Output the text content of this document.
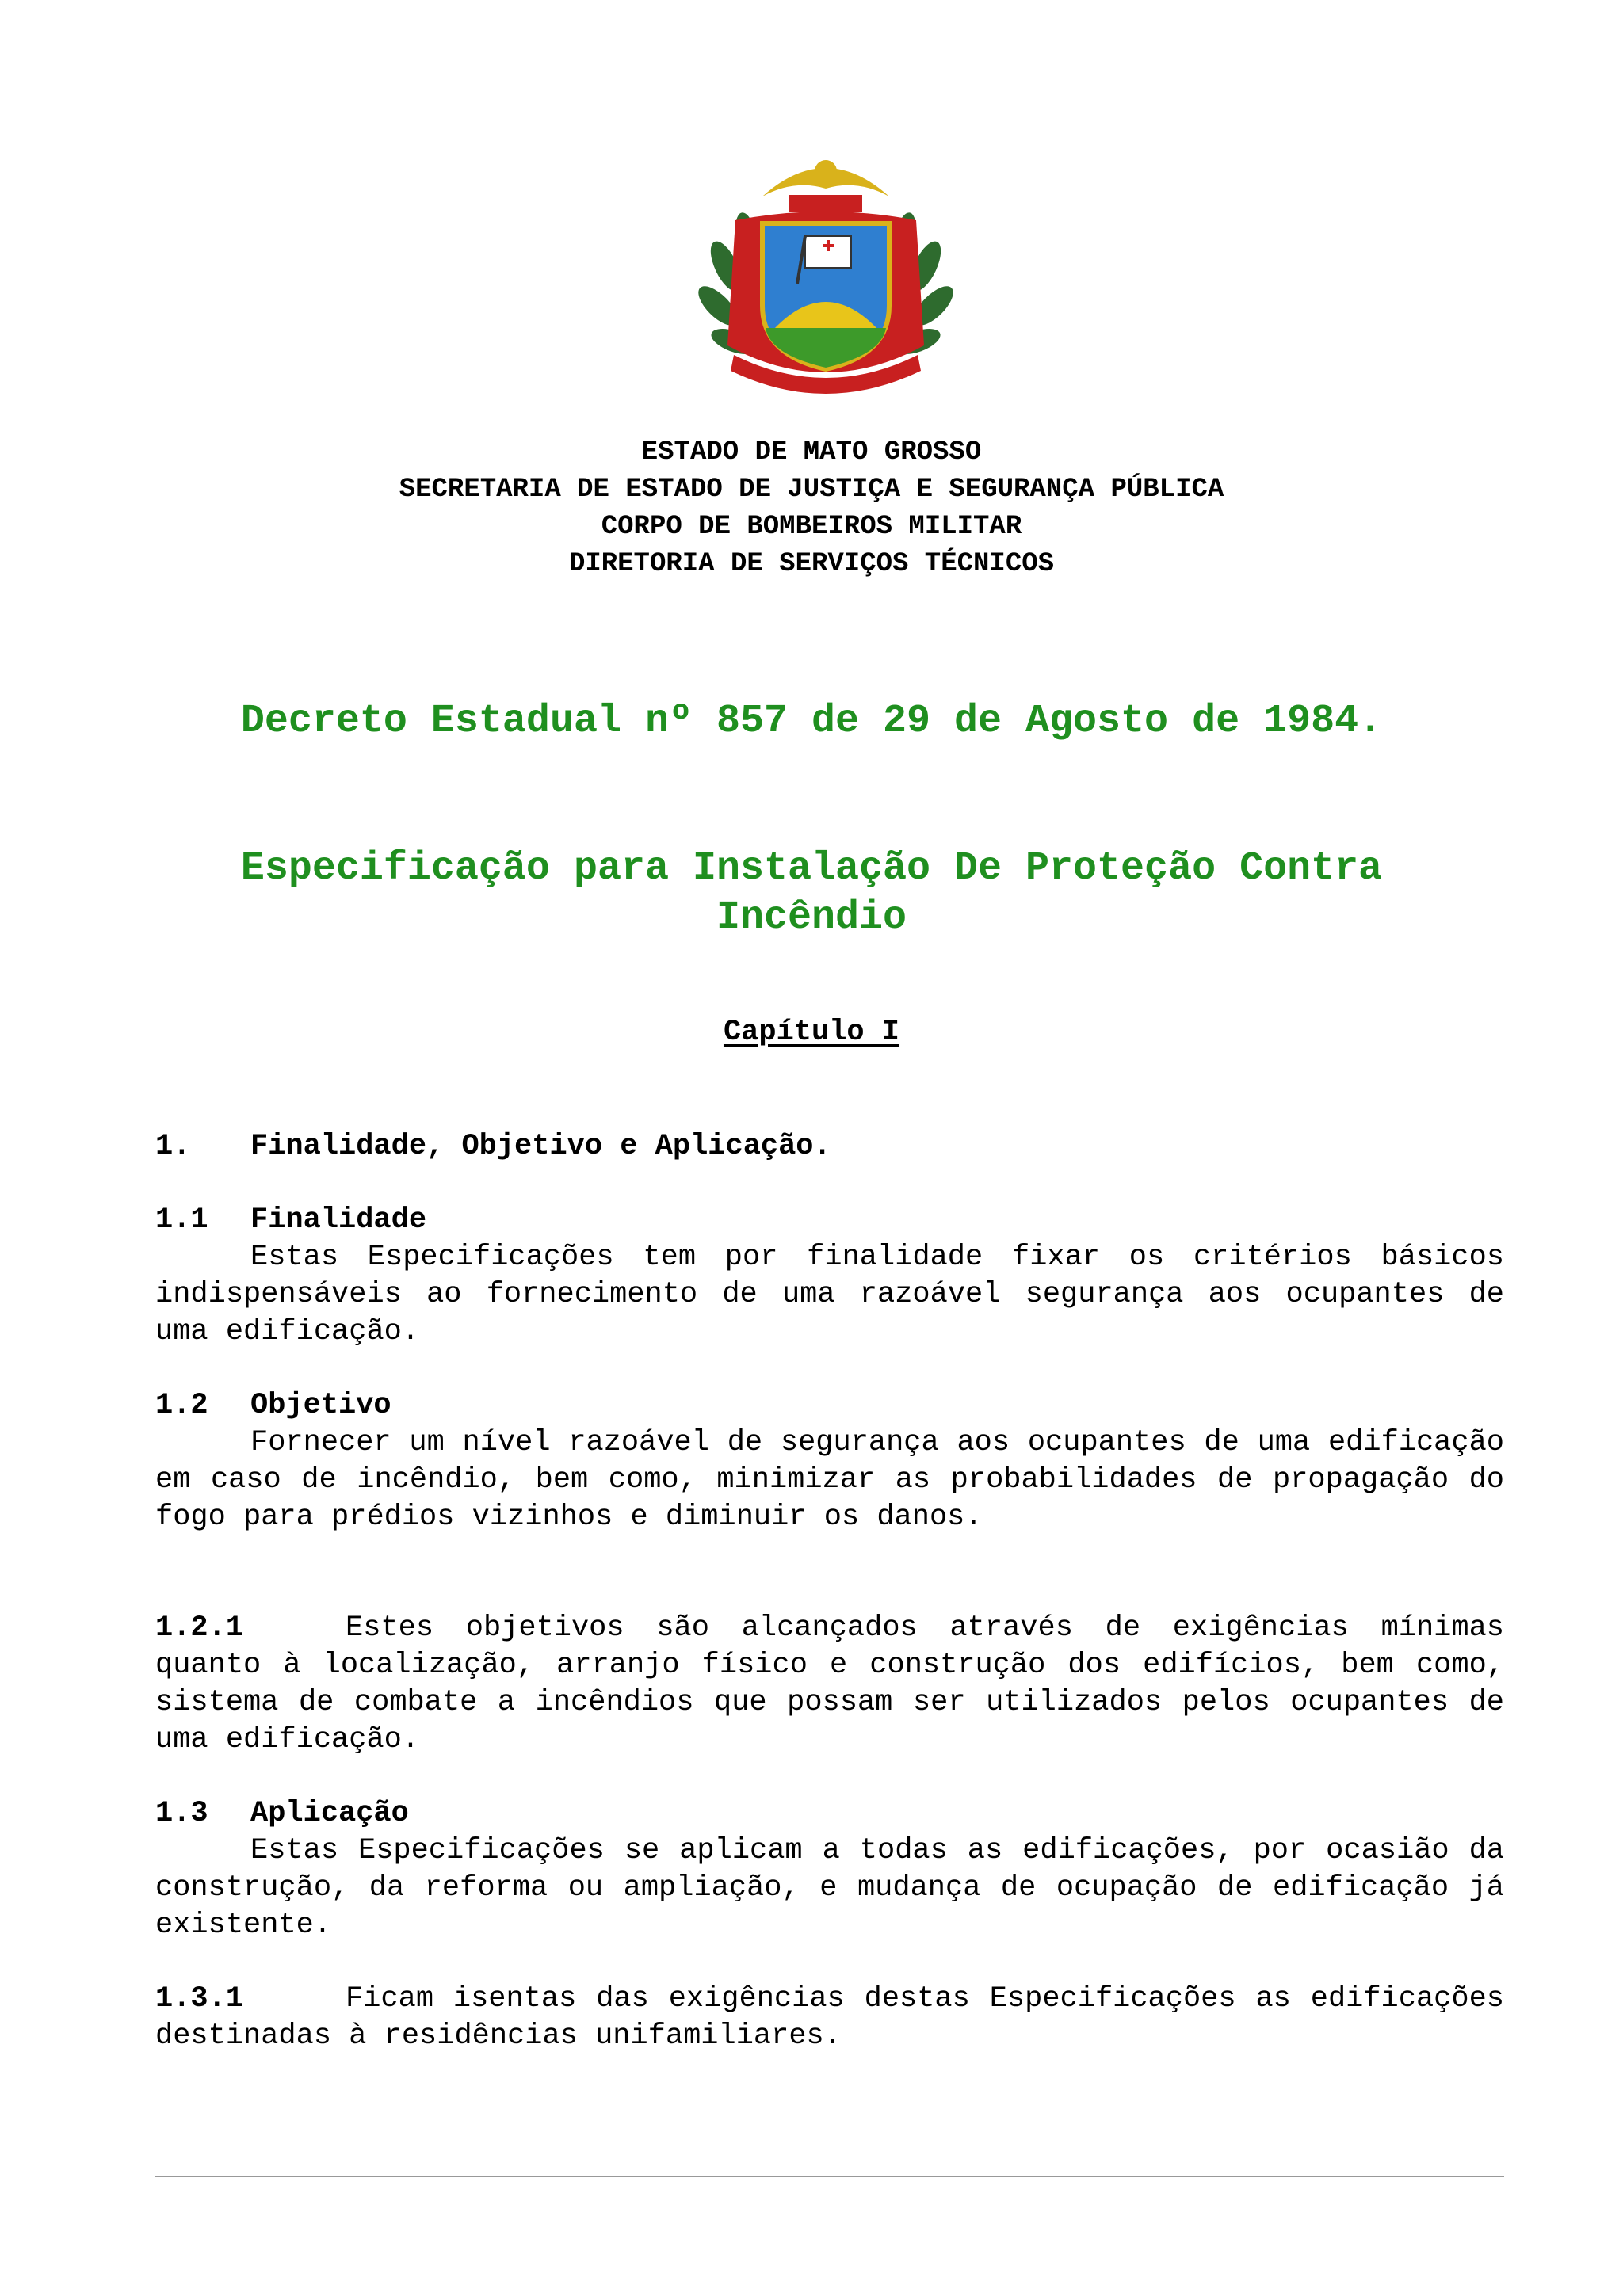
ESTADO DE MATO GROSSO
SECRETARIA DE ESTADO DE JUSTIÇA E SEGURANÇA PÚBLICA
CORPO DE BOMBEIROS MILITAR
DIRETORIA DE SERVIÇOS TÉCNICOS
Decreto Estadual nº 857 de 29 de Agosto de 1984.
Especificação para Instalação De Proteção Contra
Incêndio
Capítulo I
1. Finalidade, Objetivo e Aplicação.
1.1 Finalidade
Estas Especificações tem por finalidade fixar os critérios básicos indispensáveis ao fornecimento de uma razoável segurança aos ocupantes de uma edificação.
1.2 Objetivo
Fornecer um nível razoável de segurança aos ocupantes de uma edificação em caso de incêndio, bem como, minimizar as probabilidades de propagação do fogo para prédios vizinhos e diminuir os danos.
1.2.1	Estes objetivos são alcançados através de exigências mínimas quanto à localização, arranjo físico e construção dos edifícios, bem como, sistema de combate a incêndios que possam ser utilizados pelos ocupantes de uma edificação.
1.3 Aplicação
Estas Especificações se aplicam a todas as edificações, por ocasião da construção, da reforma ou ampliação, e mudança de ocupação de edificação já existente.
1.3.1	Ficam isentas das exigências destas Especificações as edificações destinadas à residências unifamiliares.
